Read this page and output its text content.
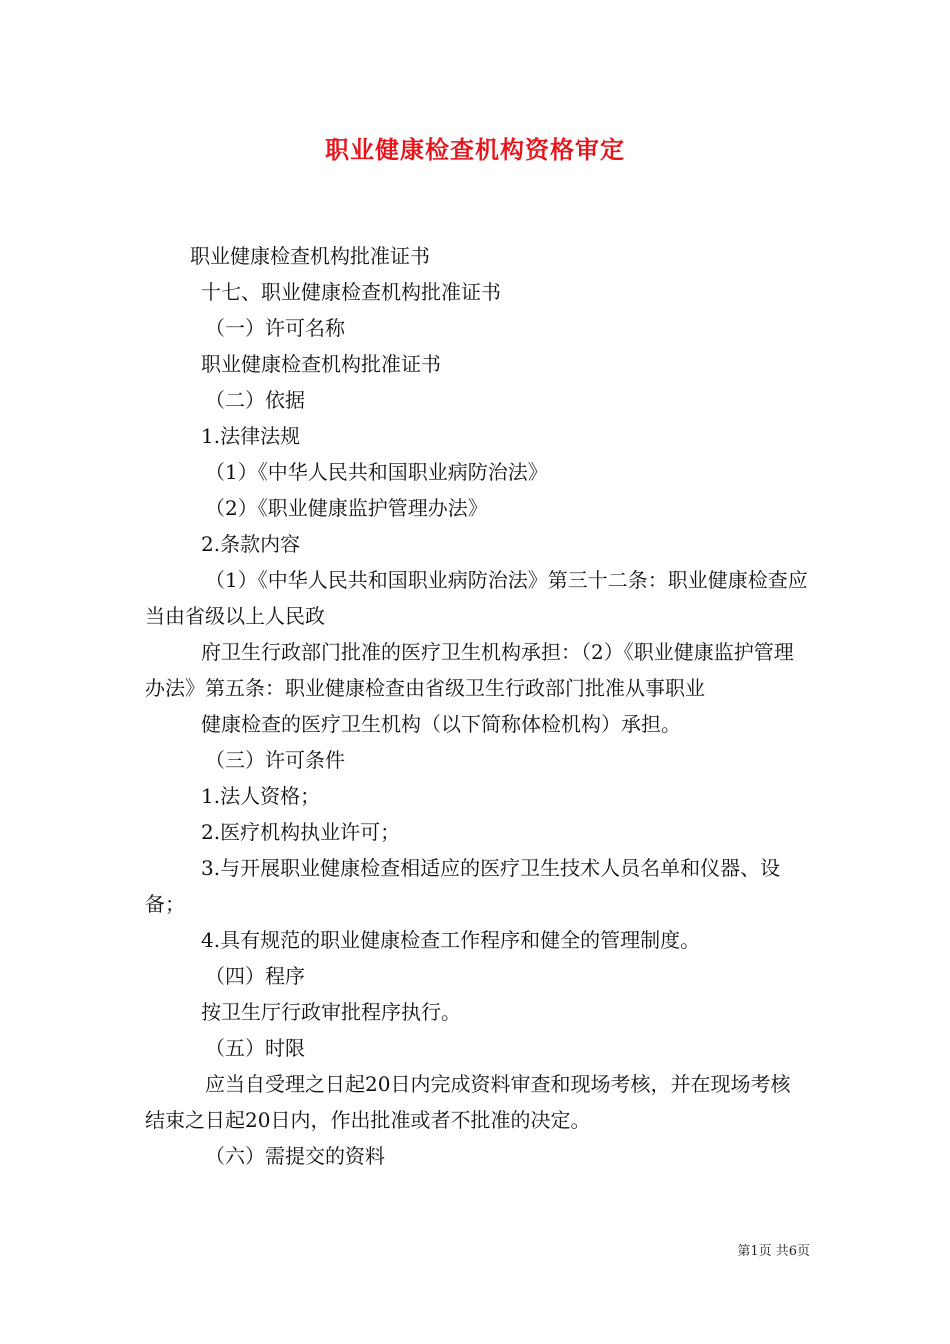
职业健康检查机构资格审定

职业健康检查机构批准证书

十七、职业健康检查机构批准证书

（一）许可名称

职业健康检查机构批准证书

（二）依据

1.法律法规

（1）《中华人民共和国职业病防治法》

（2）《职业健康监护管理办法》

2.条款内容

（1）《中华人民共和国职业病防治法》第三十二条：职业健康检查应当由省级以上人民政

府卫生行政部门批准的医疗卫生机构承担：（2）《职业健康监护管理办法》第五条：职业健康检查由省级卫生行政部门批准从事职业

健康检查的医疗卫生机构（以下简称体检机构）承担。

（三）许可条件

1.法人资格；

2.医疗机构执业许可；

3.与开展职业健康检查相适应的医疗卫生技术人员名单和仪器、设备；

4.具有规范的职业健康检查工作程序和健全的管理制度。

（四）程序

按卫生厅行政审批程序执行。

（五）时限

应当自受理之日起20日内完成资料审查和现场考核，并在现场考核结束之日起20日内，作出批准或者不批准的决定。

（六）需提交的资料

第1页 共6页
